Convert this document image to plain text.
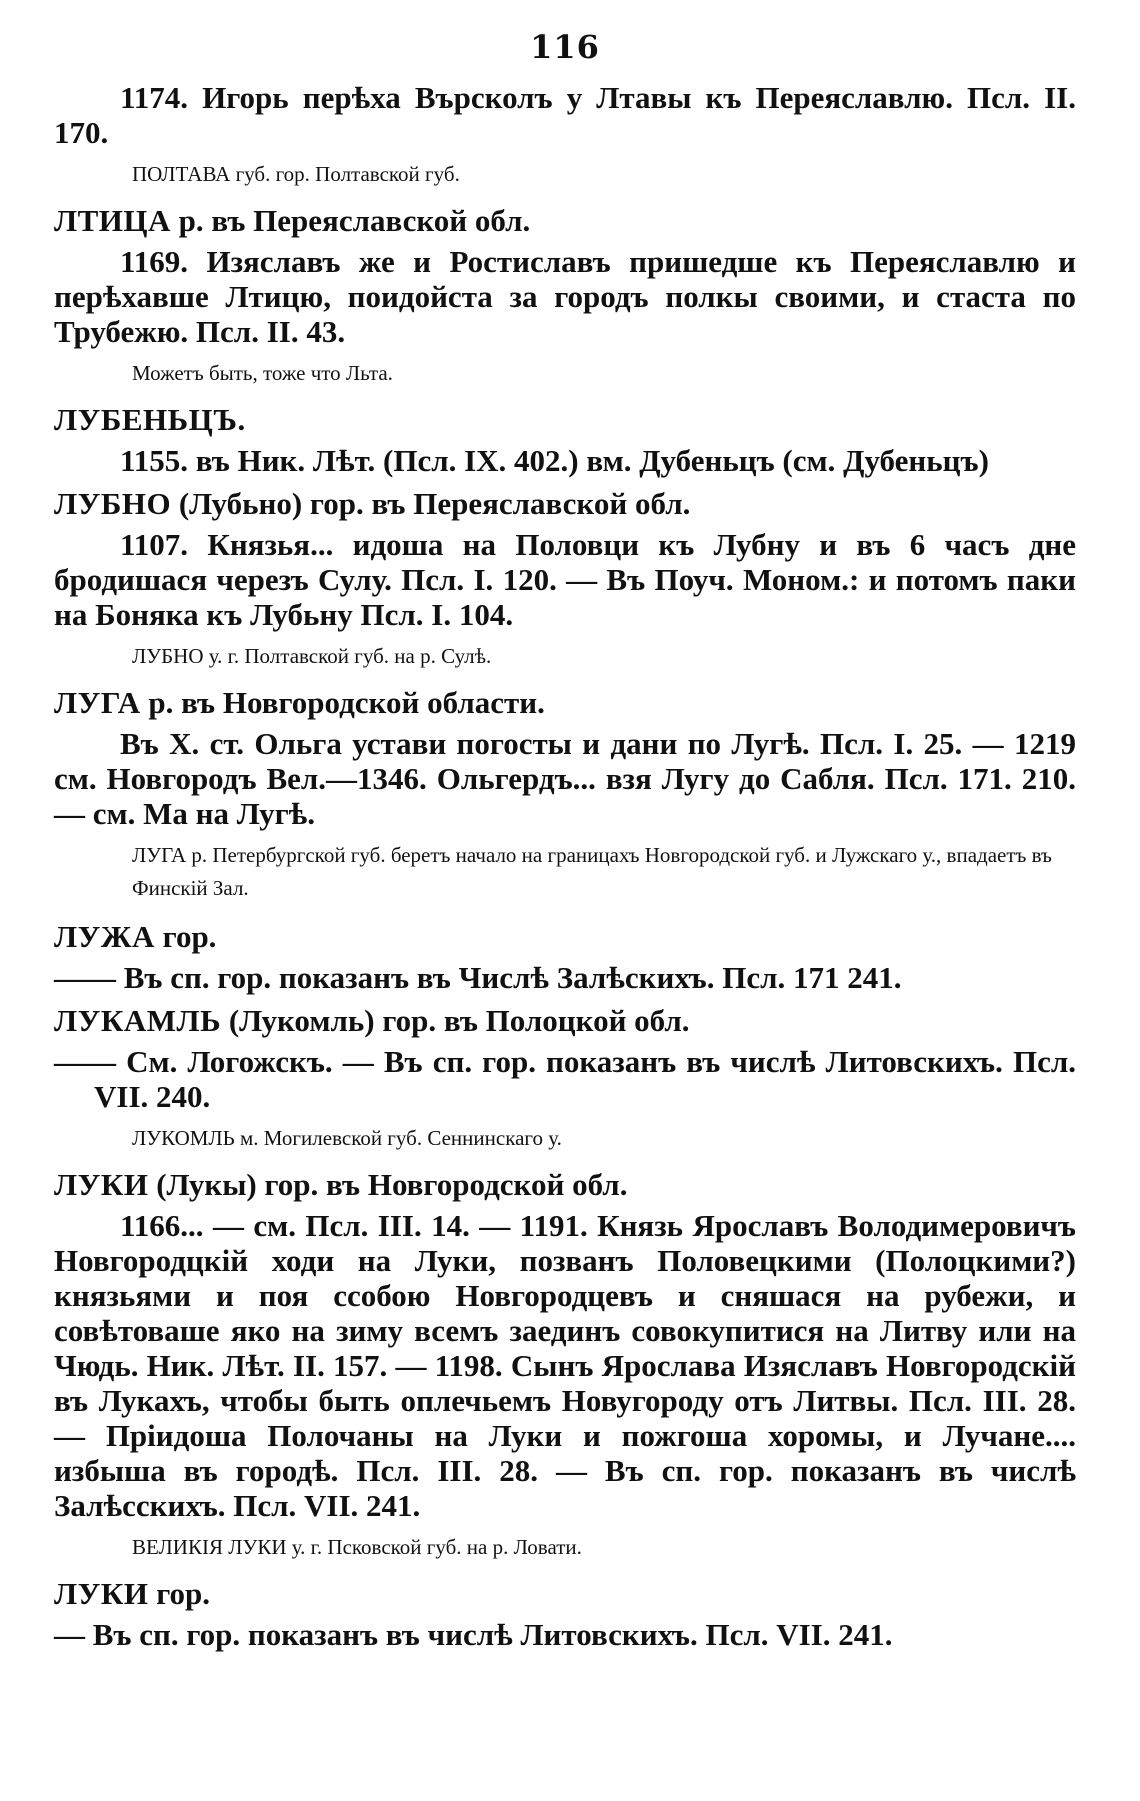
116

1174. Игорь перѣха Върсколъ у Лтавы къ Переяславлю. Псл. II. 170.

ПОЛТАВА губ. гор. Полтавской губ.
ЛТИЦА р. въ Переяславской обл.

1169. Изяславъ же и Ростиславъ пришедше къ Переяславлю и перѣхавше Лтицю, поидойста за городъ полкы своими, и стаста по Трубежю. Псл. II. 43.

Можетъ быть, тоже что Льта.
ЛУБЕНЬЦЪ.

1155. въ Ник. Лѣт. (Псл. IX. 402.) вм. Дубеньцъ (см. Дубеньцъ)

ЛУБНО (Лубьно) гор. въ Переяславской обл.

1107. Князья... идоша на Половци къ Лубну и въ 6 часъ дне бродишася черезъ Сулу. Псл. I. 120. — Въ Поуч. Моном.: и потомъ паки на Боняка къ Лубьну Псл. I. 104.

ЛУБНО у. г. Полтавской губ. на р. Сулѣ.
ЛУГА р. въ Новгородской области.

Въ X. ст. Ольга устави погосты и дани по Лугѣ. Псл. I. 25. — 1219 см. Новгородъ Вел.—1346. Ольгердъ... взя Лугу до Сабля. Псл. 171. 210. — см. Ма на Лугѣ.

ЛУГА р. Петербургской губ. беретъ начало на границахъ Новгородской губ. и Лужскаго у., впадаетъ въ Финскій Зал.
ЛУЖА гор.

—— Въ сп. гор. показанъ въ Числѣ Залѣскихъ. Псл. 171 241.

ЛУКАМЛЬ (Лукомль) гор. въ Полоцкой обл.

—— См. Логожскъ. — Въ сп. гор. показанъ въ числѣ Литовскихъ. Псл. VII. 240.

ЛУКОМЛЬ м. Могилевской губ. Сеннинскаго у.
ЛУКИ (Лукы) гор. въ Новгородской обл.

1166... — см. Псл. III. 14. — 1191. Князь Ярославъ Володимеровичъ Новгородцкій ходи на Луки, позванъ Половецкими (Полоцкими?) князьями и поя ссобою Новгородцевъ и сняшася на рубежи, и совѣтоваше яко на зиму всемъ заединъ совокупитися на Литву или на Чюдь. Ник. Лѣт. II. 157. — 1198. Сынъ Ярослава Изяславъ Новгородскій въ Лукахъ, чтобы быть оплечьемъ Новугороду отъ Литвы. Псл. III. 28. — Прiидоша Полочаны на Луки и пожгоша хоромы, и Лучане.... избыша въ городѣ. Псл. III. 28. — Въ сп. гор. показанъ въ числѣ Залѣсскихъ. Псл. VII. 241.

ВЕЛИКІЯ ЛУКИ у. г. Псковской губ. на р. Ловати.
ЛУКИ гор.

— Въ сп. гор. показанъ въ числѣ Литовскихъ. Псл. VII. 241.
